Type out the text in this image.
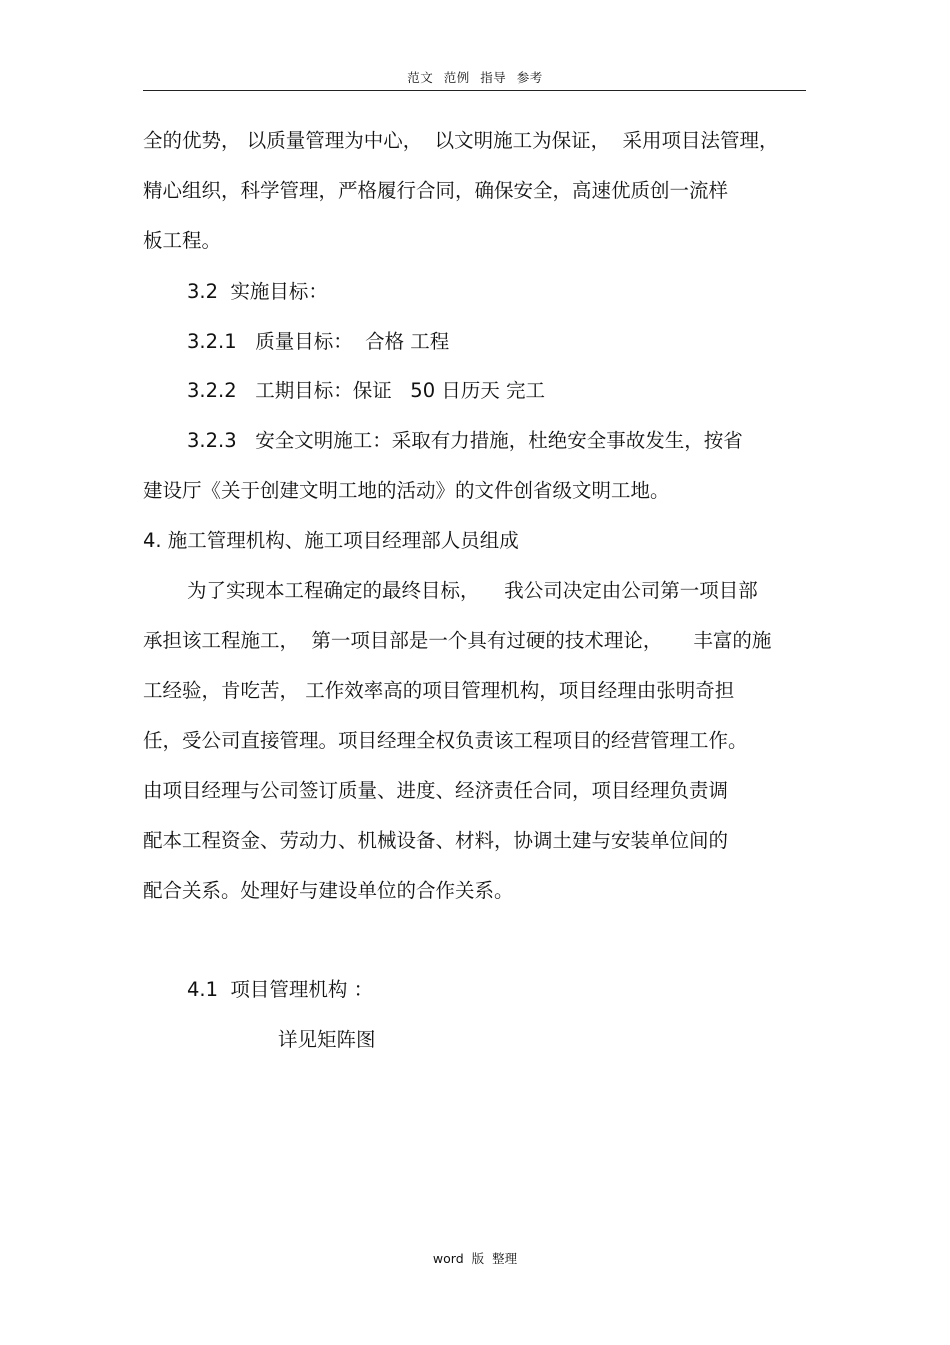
范文 范例 指导 参考
全的优势， 以质量管理为中心，  以文明施工为保证，  采用项目法管理，
精心组织，科学管理，严格履行合同，确保安全，高速优质创一流样
板工程。
3.2  实施目标：
3.2.1   质量目标：  合格 工程
3.2.2   工期目标：保证   50 日历天 完工
3.2.3   安全文明施工：采取有力措施，杜绝安全事故发生，按省
建设厅《关于创建文明工地的活动》的文件创省级文明工地。
4. 施工管理机构、施工项目经理部人员组成
为了实现本工程确定的最终目标，    我公司决定由公司第一项目部
承担该工程施工，  第一项目部是一个具有过硬的技术理论，     丰富的施
工经验，肯吃苦， 工作效率高的项目管理机构，项目经理由张明奇担
任，受公司直接管理。项目经理全权负责该工程项目的经营管理工作。
由项目经理与公司签订质量、进度、经济责任合同，项目经理负责调
配本工程资金、劳动力、机械设备、材料，协调土建与安装单位间的
配合关系。处理好与建设单位的合作关系。
4.1  项目管理机构 ：
详见矩阵图
word 版 整理
